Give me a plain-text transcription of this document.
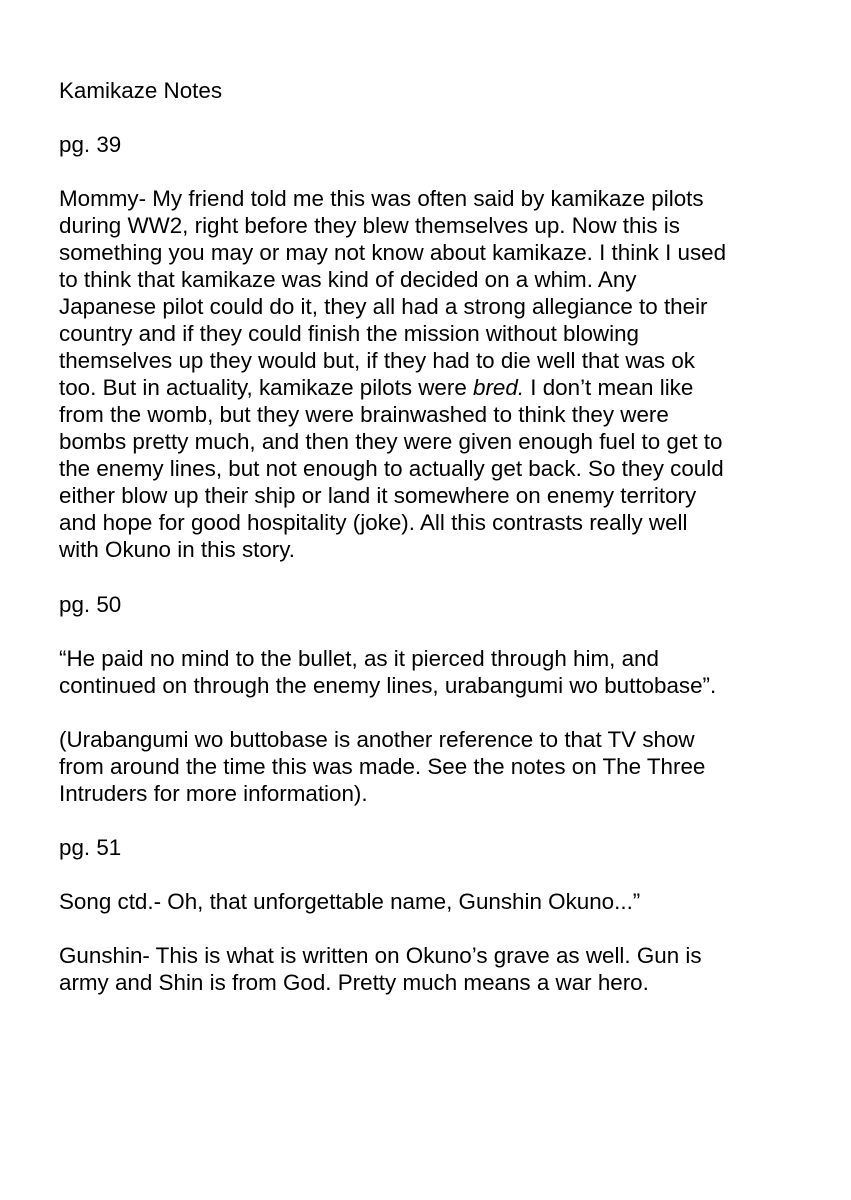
Kamikaze Notes

pg. 39

Mommy- My friend told me this was often said by kamikaze pilots
during WW2, right before they blew themselves up. Now this is
something you may or may not know about kamikaze. I think I used
to think that kamikaze was kind of decided on a whim. Any
Japanese pilot could do it, they all had a strong allegiance to their
country and if they could finish the mission without blowing
themselves up they would but, if they had to die well that was ok
too. But in actuality, kamikaze pilots were bred. I don’t mean like
from the womb, but they were brainwashed to think they were
bombs pretty much, and then they were given enough fuel to get to
the enemy lines, but not enough to actually get back. So they could
either blow up their ship or land it somewhere on enemy territory
and hope for good hospitality (joke). All this contrasts really well
with Okuno in this story.

pg. 50

“He paid no mind to the bullet, as it pierced through him, and
continued on through the enemy lines, urabangumi wo buttobase”.
(Urabangumi wo buttobase is another reference to that TV show
from around the time this was made. See the notes on The Three
Intruders for more information).

pg. 51

Song ctd.- Oh, that unforgettable name, Gunshin Okuno...”
Gunshin- This is what is written on Okuno’s grave as well. Gun is
army and Shin is from God. Pretty much means a war hero.
